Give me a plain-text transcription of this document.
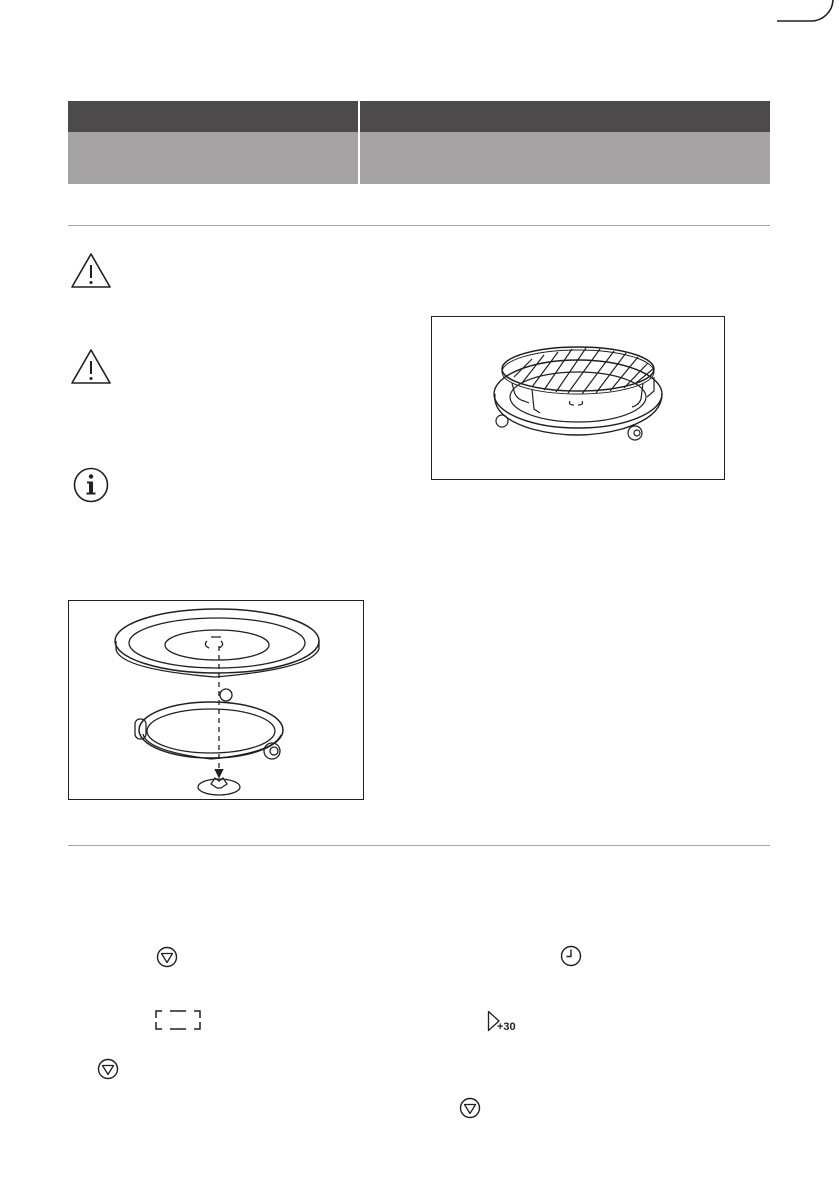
+30
